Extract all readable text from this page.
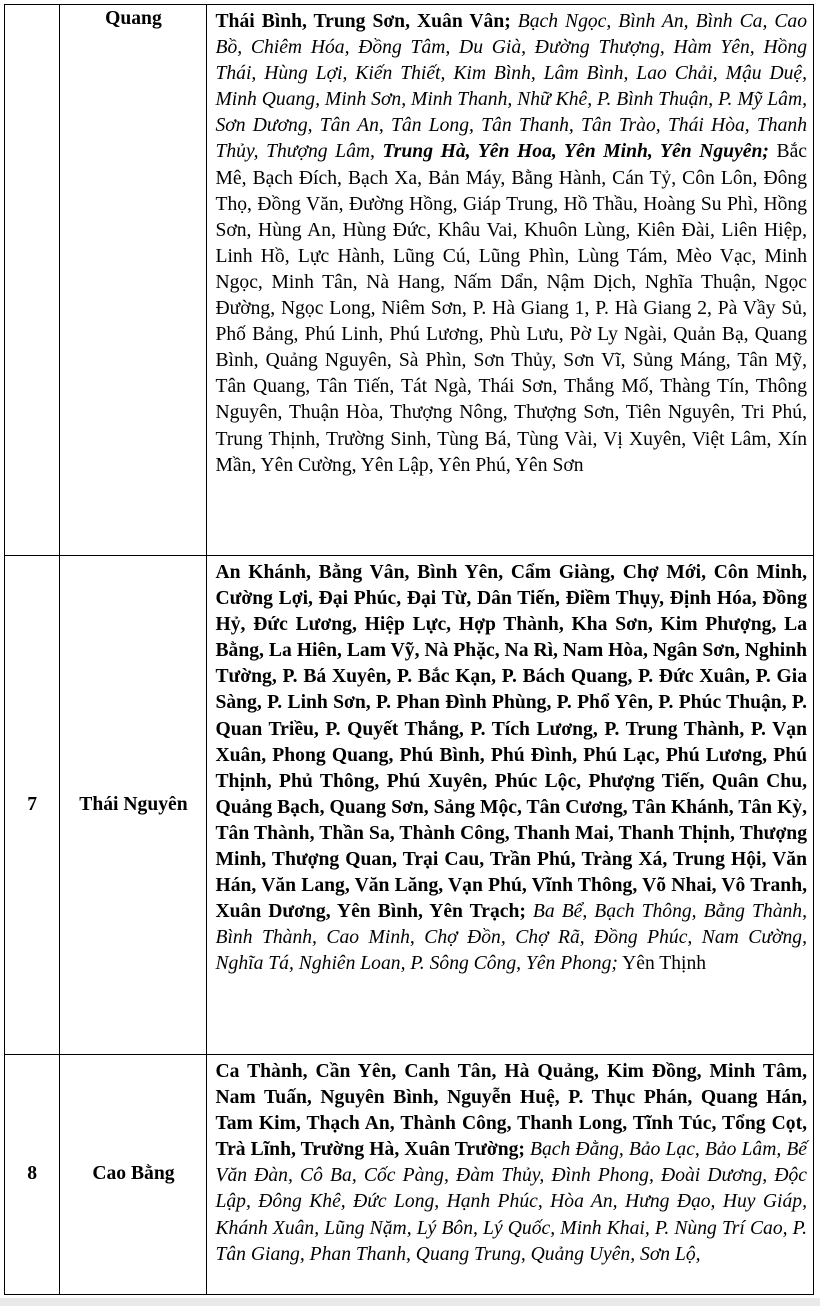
	Quang	Thái Bình, Trung Sơn, Xuân Vân; Bạch Ngọc, Bình An, Bình Ca, Cao Bồ, Chiêm Hóa, Đồng Tâm, Du Già, Đường Thượng, Hàm Yên, Hồng Thái, Hùng Lợi, Kiến Thiết, Kim Bình, Lâm Bình, Lao Chải, Mậu Duệ, Minh Quang, Minh Sơn, Minh Thanh, Nhữ Khê, P. Bình Thuận, P. Mỹ Lâm, Sơn Dương, Tân An, Tân Long, Tân Thanh, Tân Trào, Thái Hòa, Thanh Thủy, Thượng Lâm, Trung Hà, Yên Hoa, Yên Minh, Yên Nguyên; Bắc Mê, Bạch Đích, Bạch Xa, Bản Máy, Bằng Hành, Cán Tỷ, Côn Lôn, Đông Thọ, Đồng Văn, Đường Hồng, Giáp Trung, Hồ Thầu, Hoàng Su Phì, Hồng Sơn, Hùng An, Hùng Đức, Khâu Vai, Khuôn Lùng, Kiên Đài, Liên Hiệp, Linh Hồ, Lực Hành, Lũng Cú, Lũng Phìn, Lùng Tám, Mèo Vạc, Minh Ngọc, Minh Tân, Nà Hang, Nấm Dẩn, Nậm Dịch, Nghĩa Thuận, Ngọc Đường, Ngọc Long, Niêm Sơn, P. Hà Giang 1, P. Hà Giang 2, Pà Vầy Sủ, Phố Bảng, Phú Linh, Phú Lương, Phù Lưu, Pờ Ly Ngài, Quản Bạ, Quang Bình, Quảng Nguyên, Sà Phìn, Sơn Thủy, Sơn Vĩ, Sủng Máng, Tân Mỹ, Tân Quang, Tân Tiến, Tát Ngà, Thái Sơn, Thắng Mố, Thàng Tín, Thông Nguyên, Thuận Hòa, Thượng Nông, Thượng Sơn, Tiên Nguyên, Tri Phú, Trung Thịnh, Trường Sinh, Tùng Bá, Tùng Vài, Vị Xuyên, Việt Lâm, Xín Mần, Yên Cường, Yên Lập, Yên Phú, Yên Sơn
7	Thái Nguyên	An Khánh, Bằng Vân, Bình Yên, Cẩm Giàng, Chợ Mới, Côn Minh, Cường Lợi, Đại Phúc, Đại Từ, Dân Tiến, Điềm Thụy, Định Hóa, Đồng Hỷ, Đức Lương, Hiệp Lực, Hợp Thành, Kha Sơn, Kim Phượng, La Bằng, La Hiên, Lam Vỹ, Nà Phặc, Na Rì, Nam Hòa, Ngân Sơn, Nghinh Tường, P. Bá Xuyên, P. Bắc Kạn, P. Bách Quang, P. Đức Xuân, P. Gia Sàng, P. Linh Sơn, P. Phan Đình Phùng, P. Phổ Yên, P. Phúc Thuận, P. Quan Triều, P. Quyết Thắng, P. Tích Lương, P. Trung Thành, P. Vạn Xuân, Phong Quang, Phú Bình, Phú Đình, Phú Lạc, Phú Lương, Phú Thịnh, Phủ Thông, Phú Xuyên, Phúc Lộc, Phượng Tiến, Quân Chu, Quảng Bạch, Quang Sơn, Sảng Mộc, Tân Cương, Tân Khánh, Tân Kỳ, Tân Thành, Thần Sa, Thành Công, Thanh Mai, Thanh Thịnh, Thượng Minh, Thượng Quan, Trại Cau, Trần Phú, Tràng Xá, Trung Hội, Văn Hán, Văn Lang, Văn Lăng, Vạn Phú, Vĩnh Thông, Võ Nhai, Vô Tranh, Xuân Dương, Yên Bình, Yên Trạch; Ba Bể, Bạch Thông, Bằng Thành, Bình Thành, Cao Minh, Chợ Đồn, Chợ Rã, Đồng Phúc, Nam Cường, Nghĩa Tá, Nghiên Loan, P. Sông Công, Yên Phong; Yên Thịnh
8	Cao Bằng	Ca Thành, Cần Yên, Canh Tân, Hà Quảng, Kim Đồng, Minh Tâm, Nam Tuấn, Nguyên Bình, Nguyễn Huệ, P. Thục Phán, Quang Hán, Tam Kim, Thạch An, Thành Công, Thanh Long, Tĩnh Túc, Tổng Cọt, Trà Lĩnh, Trường Hà, Xuân Trường; Bạch Đằng, Bảo Lạc, Bảo Lâm, Bế Văn Đàn, Cô Ba, Cốc Pàng, Đàm Thủy, Đình Phong, Đoài Dương, Độc Lập, Đông Khê, Đức Long, Hạnh Phúc, Hòa An, Hưng Đạo, Huy Giáp, Khánh Xuân, Lũng Nặm, Lý Bôn, Lý Quốc, Minh Khai, P. Nùng Trí Cao, P. Tân Giang, Phan Thanh, Quang Trung, Quảng Uyên, Sơn Lộ,
